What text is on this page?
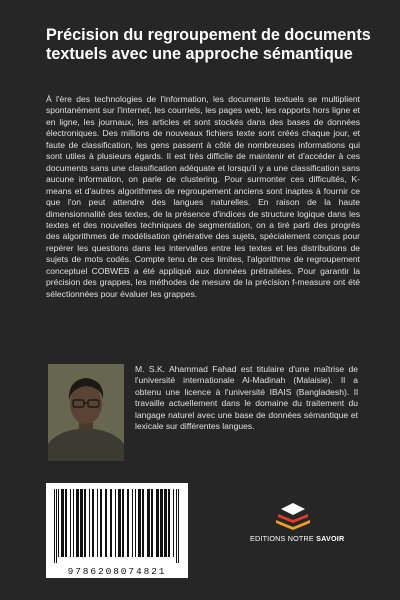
Précision du regroupement de documents textuels avec une approche sémantique

À l'ère des technologies de l'information, les documents textuels se multiplient spontanément sur l'internet, les courriels, les pages web, les rapports hors ligne et en ligne, les journaux, les articles et sont stockés dans des bases de données électroniques. Des millions de nouveaux fichiers texte sont créés chaque jour, et faute de classification, les gens passent à côté de nombreuses informations qui sont utiles à plusieurs égards. Il est très difficile de maintenir et d'accéder à ces documents sans une classification adéquate et lorsqu'il y a une classification sans aucune information, on parle de clustering. Pour surmonter ces difficultés, K-means et d'autres algorithmes de regroupement anciens sont inaptes à fournir ce que l'on peut attendre des langues naturelles. En raison de la haute dimensionnalité des textes, de la présence d'indices de structure logique dans les textes et des nouvelles techniques de segmentation, on a tiré parti des progrès des algorithmes de modélisation générative des sujets, spécialement conçus pour repérer les questions dans les intervalles entre les textes et les distributions de sujets de mots codés. Compte tenu de ces limites, l'algorithme de regroupement conceptuel COBWEB a été appliqué aux données prétraitées. Pour garantir la précision des grappes, les méthodes de mesure de la précision f-measure ont été sélectionnées pour évaluer les grappes.

M. S.K. Ahammad Fahad est titulaire d'une maîtrise de l'université internationale Al-Madinah (Malaisie). Il a obtenu une licence à l'université IBAIS (Bangladesh). Il travaille actuellement dans le domaine du traitement du langage naturel avec une base de données sémantique et lexicale sur différentes langues.

9786208074821
EDITIONS NOTRE SAVOIR
